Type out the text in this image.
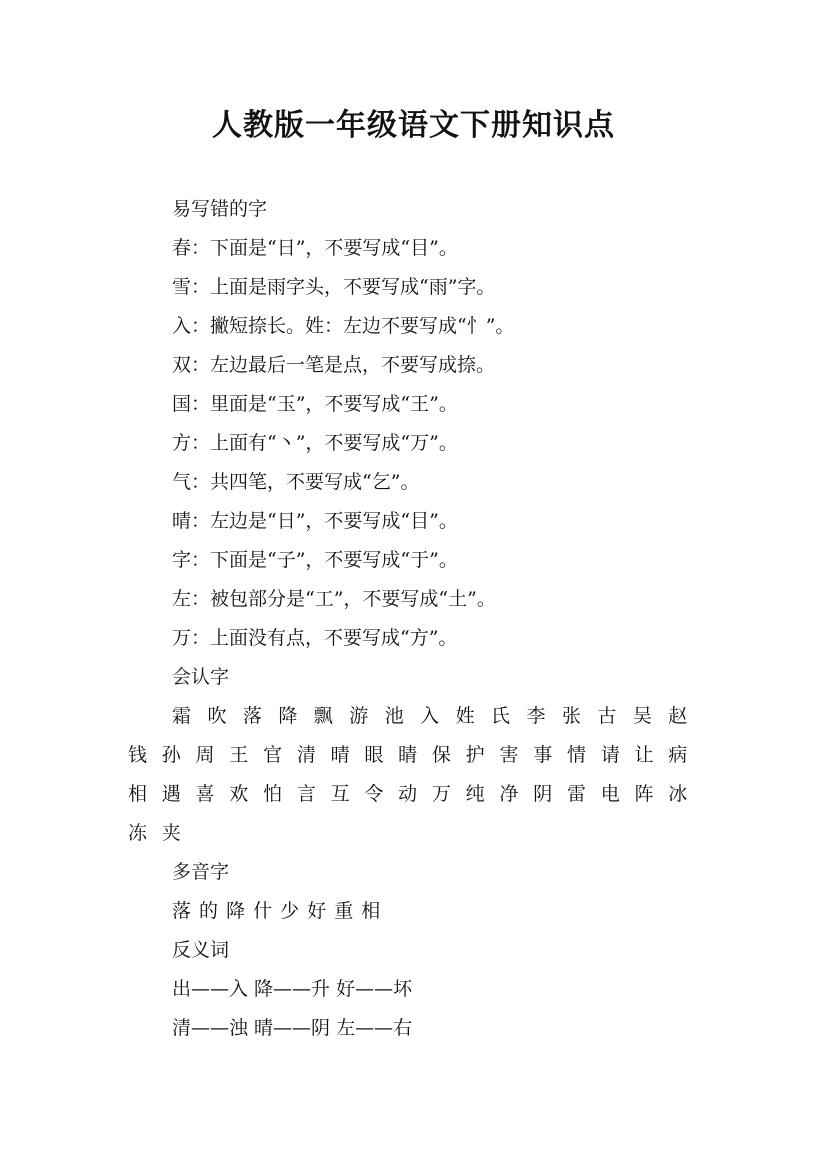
人教版一年级语文下册知识点
易写错的字
春：下面是“日”，不要写成“目”。
雪：上面是雨字头，不要写成“雨”字。
入：撇短捺长。姓：左边不要写成“忄”。
双：左边最后一笔是点，不要写成捺。
国：里面是“玉”，不要写成“王”。
方：上面有“丶”，不要写成“万”。
气：共四笔，不要写成“乞”。
晴：左边是“日”，不要写成“目”。
字：下面是“子”，不要写成“于”。
左：被包部分是“工”，不要写成“土”。
万：上面没有点，不要写成“方”。
会认字
霜吹落降飘游池入姓氏李张古吴赵钱孙周王官清晴眼睛保护害事情请让病相遇喜欢怕言互令动万纯净阴雷电阵冰冻夹
多音字
落 的 降 什 少 好 重 相
反义词
出——入 降——升 好——坏
清——浊 晴——阴 左——右
